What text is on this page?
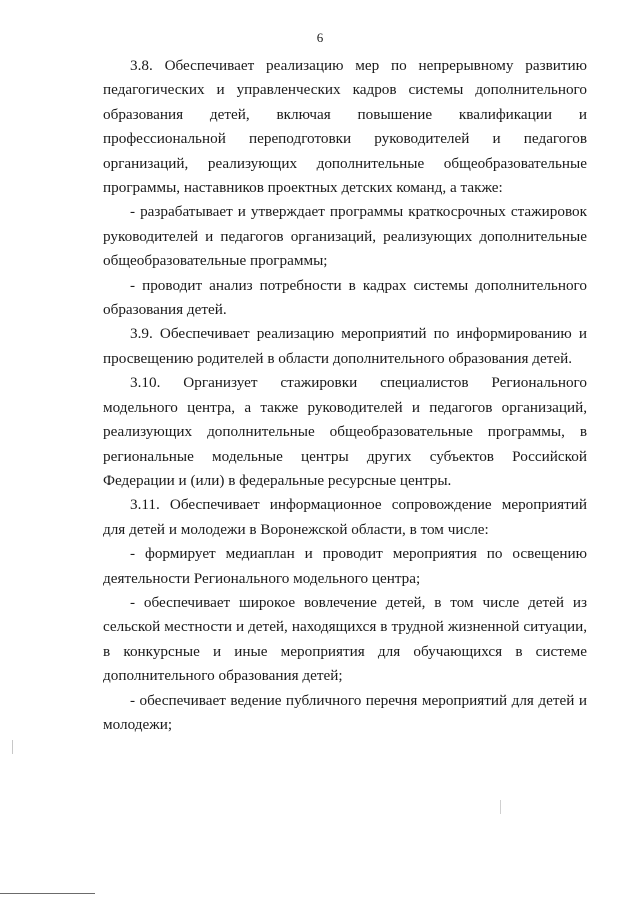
6

3.8. Обеспечивает реализацию мер по непрерывному развитию педагогических и управленческих кадров системы дополнительного образования детей, включая повышение квалификации и профессиональной переподготовки руководителей и педагогов организаций, реализующих дополнительные общеобразовательные программы, наставников проектных детских команд, а также:

- разрабатывает и утверждает программы краткосрочных стажировок руководителей и педагогов организаций, реализующих дополнительные общеобразовательные программы;

- проводит анализ потребности в кадрах системы дополнительного образования детей.

3.9. Обеспечивает реализацию мероприятий по информированию и просвещению родителей в области дополнительного образования детей.

3.10. Организует стажировки специалистов Регионального модельного центра, а также руководителей и педагогов организаций, реализующих дополнительные общеобразовательные программы, в региональные модельные центры других субъектов Российской Федерации и (или) в федеральные ресурсные центры.

3.11. Обеспечивает информационное сопровождение мероприятий для детей и молодежи в Воронежской области, в том числе:

- формирует медиаплан и проводит мероприятия по освещению деятельности Регионального модельного центра;

- обеспечивает широкое вовлечение детей, в том числе детей из сельской местности и детей, находящихся в трудной жизненной ситуации, в конкурсные и иные мероприятия для обучающихся в системе дополнительного образования детей;

- обеспечивает ведение публичного перечня мероприятий для детей и молодежи;
